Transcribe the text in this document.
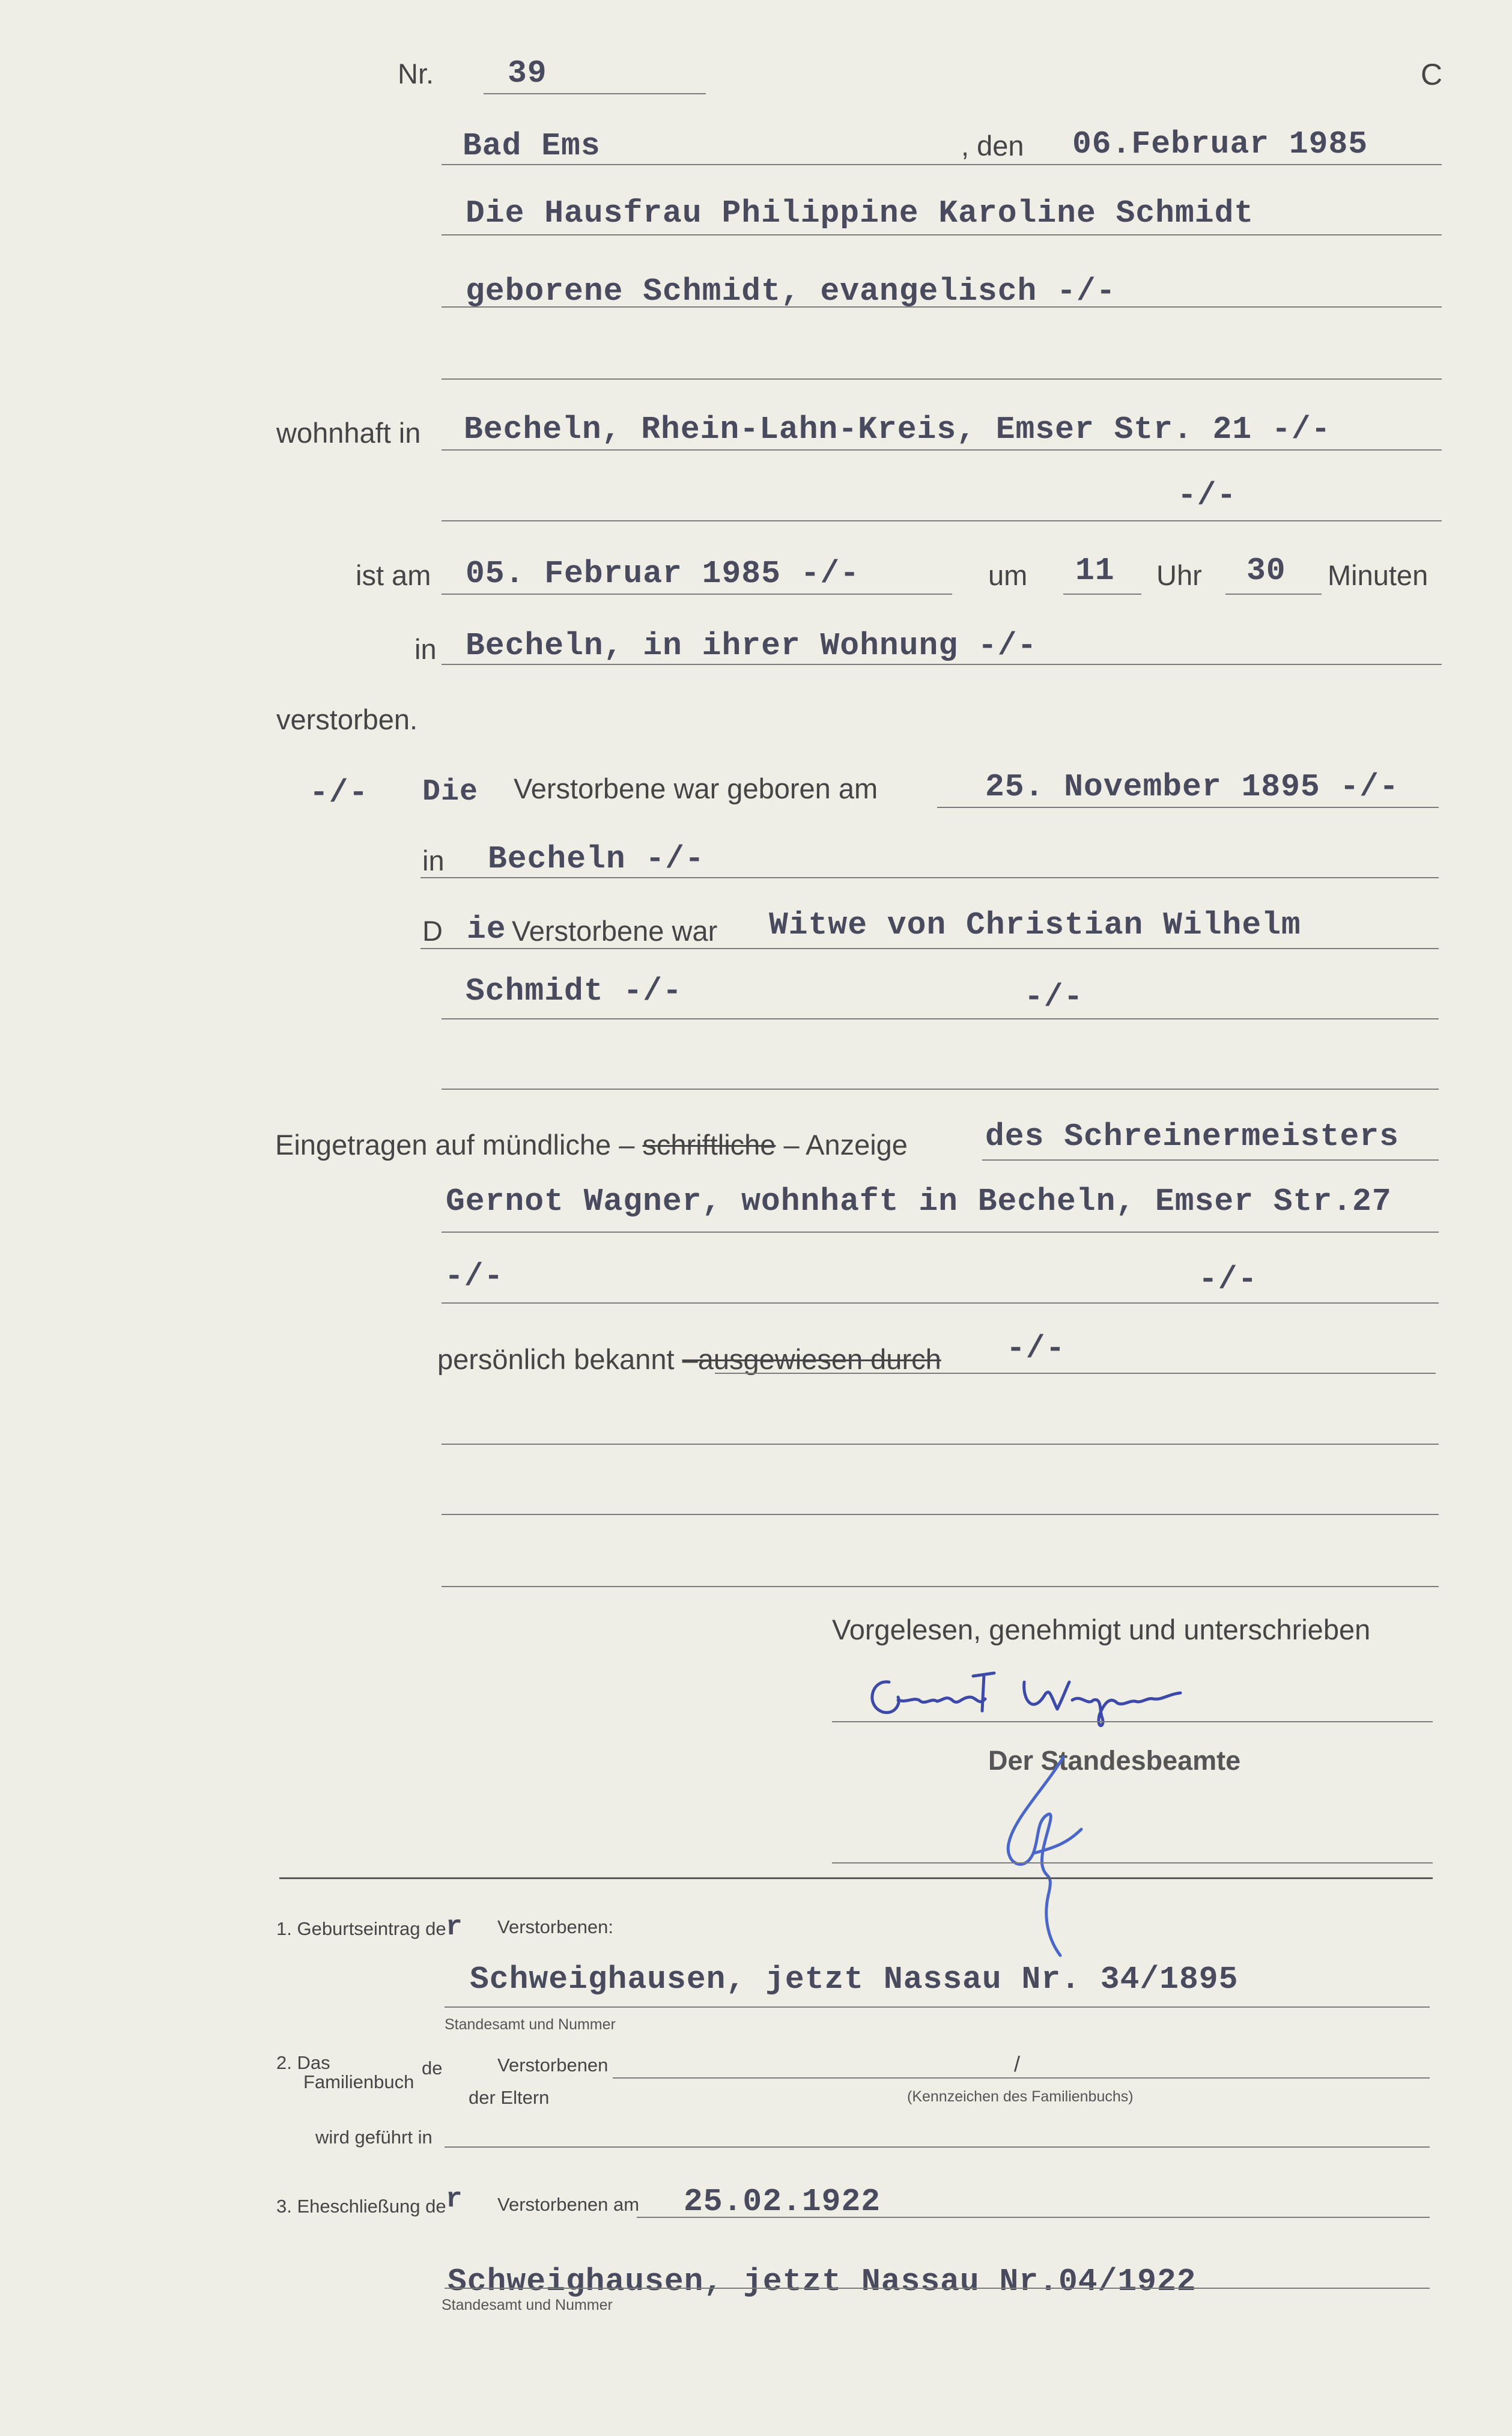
Nr. 39	C
Bad Ems	, den 06.Februar 1985
Die Hausfrau Philippine Karoline Schmidt
geborene Schmidt, evangelisch -/-
wohnhaft in Becheln, Rhein-Lahn-Kreis, Emser Str. 21 -/-
-/-
ist am 05. Februar 1985 -/-	um 11 Uhr 30 Minuten
in Becheln, in ihrer Wohnung -/-
verstorben.
-/- Die Verstorbene war geboren am	25. November 1895 -/-
in Becheln -/-
D ie Verstorbene war Witwe von Christian Wilhelm
Schmidt -/-	-/-
Eingetragen auf mündliche – schriftliche – Anzeige des Schreinermeisters
Gernot Wagner, wohnhaft in Becheln, Emser Str.27
-/-	-/-
persönlich bekannt –ausgewiesen durch -/-
Vorgelesen, genehmigt und unterschrieben
Der Standesbeamte
1. Geburtseintrag de r Verstorbenen:
Schweighausen, jetzt Nassau Nr. 34/1895
Standesamt und Nummer
2. Das
Familienbuch
de	Verstorbenen	/
der Eltern	(Kennzeichen des Familienbuchs)
wird geführt in
3. Eheschließung de r Verstorbenen am 25.02.1922
Schweighausen, jetzt Nassau Nr.04/1922
Standesamt und Nummer
